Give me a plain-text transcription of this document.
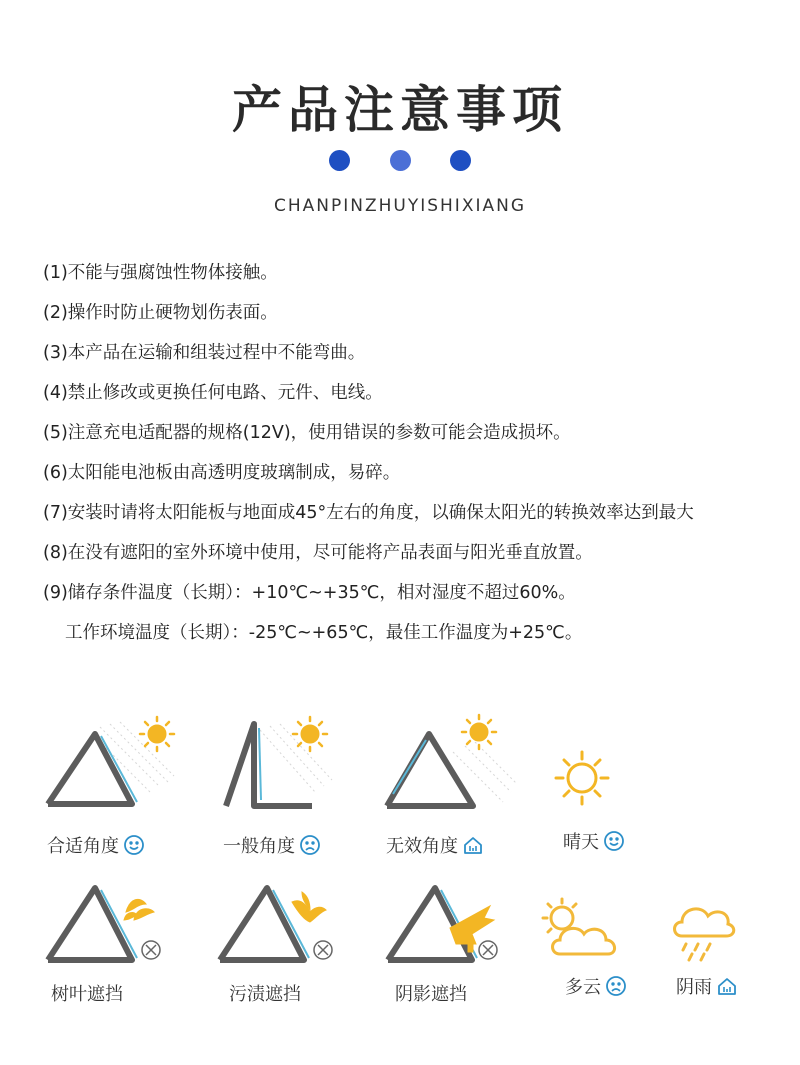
产品注意事项

CHANPINZHUYISHIXIANG
(1)不能与强腐蚀性物体接触。
(2)操作时防止硬物划伤表面。
(3)本产品在运输和组装过程中不能弯曲。
(4)禁止修改或更换任何电路、元件、电线。
(5)注意充电适配器的规格(12V)，使用错误的参数可能会造成损坏。
(6)太阳能电池板由高透明度玻璃制成，易碎。
(7)安装时请将太阳能板与地面成45°左右的角度，以确保太阳光的转换效率达到最大
(8)在没有遮阳的室外环境中使用，尽可能将产品表面与阳光垂直放置。
(9)储存条件温度（长期）：+10℃~+35℃，相对湿度不超过60%。
工作环境温度（长期）：-25℃~+65℃，最佳工作温度为+25℃。
合适角度	一般角度	无效角度	晴天
树叶遮挡	污渍遮挡	阴影遮挡	多云	阴雨
